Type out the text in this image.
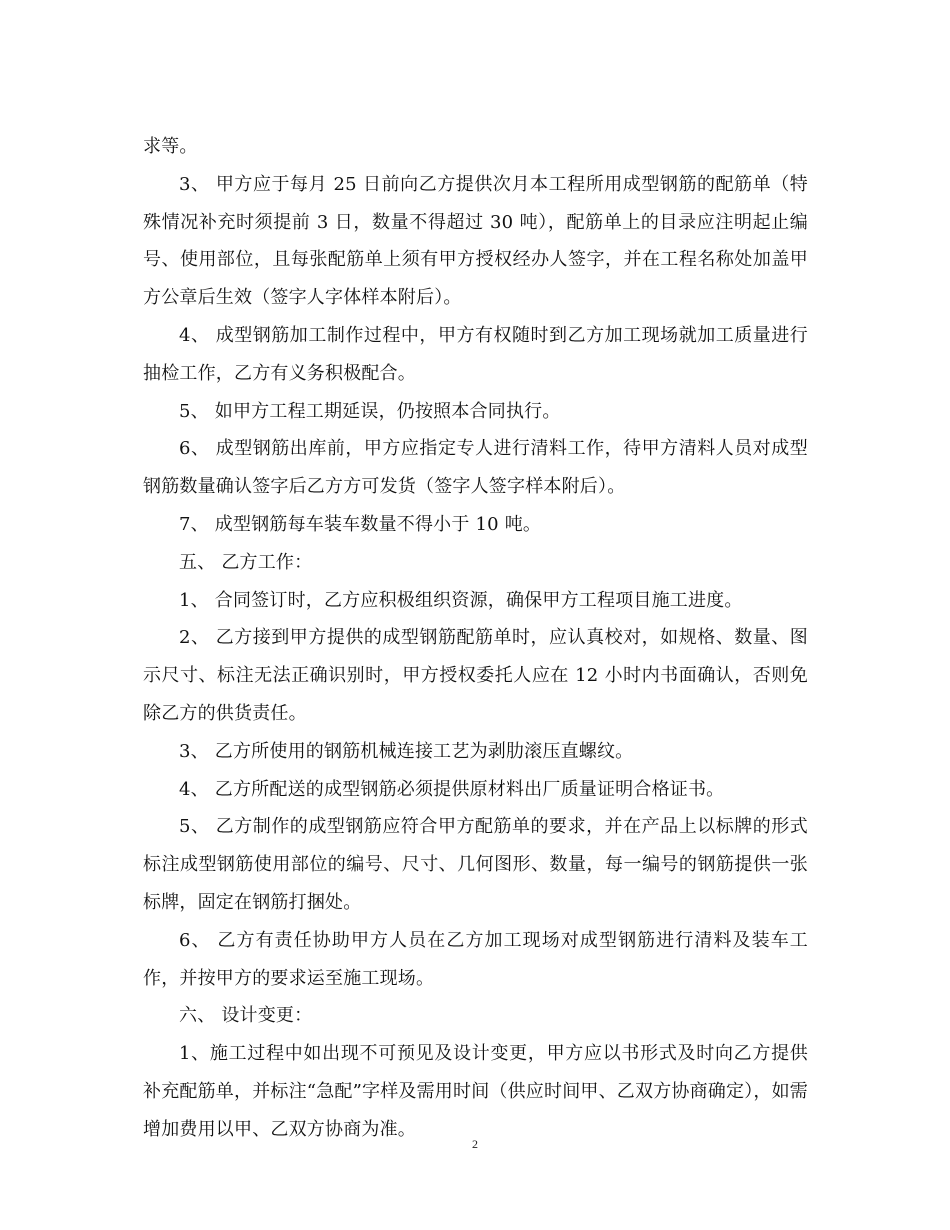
求等。

3、 甲方应于每月 25 日前向乙方提供次月本工程所用成型钢筋的配筋单（特殊情况补充时须提前 3 日，数量不得超过 30 吨），配筋单上的目录应注明起止编号、使用部位，且每张配筋单上须有甲方授权经办人签字，并在工程名称处加盖甲方公章后生效（签字人字体样本附后）。

4、 成型钢筋加工制作过程中，甲方有权随时到乙方加工现场就加工质量进行抽检工作，乙方有义务积极配合。

5、 如甲方工程工期延误，仍按照本合同执行。

6、 成型钢筋出库前，甲方应指定专人进行清料工作，待甲方清料人员对成型钢筋数量确认签字后乙方方可发货（签字人签字样本附后）。

7、 成型钢筋每车装车数量不得小于 10 吨。

五、 乙方工作：

1、 合同签订时，乙方应积极组织资源，确保甲方工程项目施工进度。

2、 乙方接到甲方提供的成型钢筋配筋单时，应认真校对，如规格、数量、图示尺寸、标注无法正确识别时，甲方授权委托人应在 12 小时内书面确认，否则免除乙方的供货责任。

3、 乙方所使用的钢筋机械连接工艺为剥肋滚压直螺纹。

4、 乙方所配送的成型钢筋必须提供原材料出厂质量证明合格证书。

5、 乙方制作的成型钢筋应符合甲方配筋单的要求，并在产品上以标牌的形式标注成型钢筋使用部位的编号、尺寸、几何图形、数量，每一编号的钢筋提供一张标牌，固定在钢筋打捆处。

6、 乙方有责任协助甲方人员在乙方加工现场对成型钢筋进行清料及装车工作，并按甲方的要求运至施工现场。

六、 设计变更：

1、施工过程中如出现不可预见及设计变更，甲方应以书形式及时向乙方提供补充配筋单，并标注“急配”字样及需用时间（供应时间甲、乙双方协商确定），如需增加费用以甲、乙双方协商为准。

2
